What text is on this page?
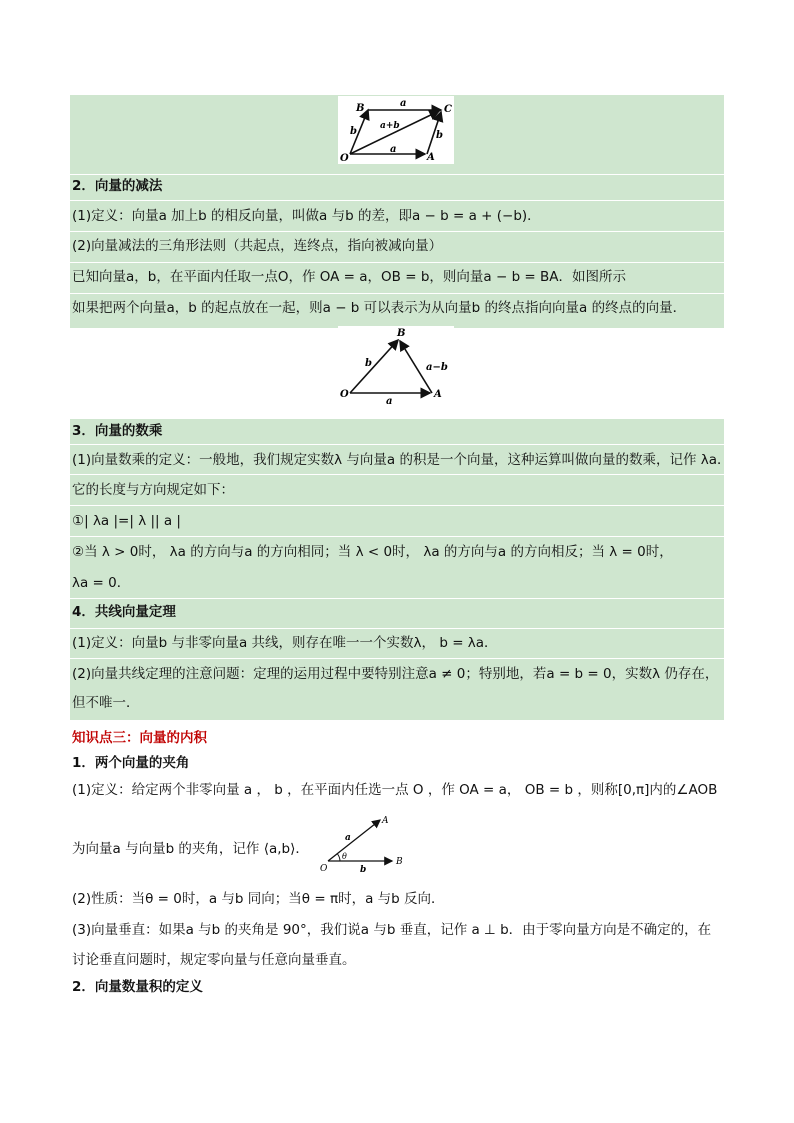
B	C
O	A
a
a
b	b
a+b
2．向量的减法
(1)定义：向量a 加上b 的相反向量，叫做a 与b 的差，即a − b = a + (−b)．
(2)向量减法的三角形法则（共起点，连终点，指向被减向量）
已知向量a，b，在平面内任取一点O，作 OA = a，OB = b，则向量a − b = BA．如图所示
如果把两个向量a，b 的起点放在一起，则a − b 可以表示为从向量b 的终点指向向量a 的终点的向量．
B
O	A
b	a−b
a
3．向量的数乘
(1)向量数乘的定义：一般地，我们规定实数λ 与向量a 的积是一个向量，这种运算叫做向量的数乘，记作 λa．
它的长度与方向规定如下：
①| λa |=| λ || a |
②当 λ > 0时， λa 的方向与a 的方向相同；当 λ < 0时， λa 的方向与a 的方向相反；当 λ = 0时，
λa = 0．
4．共线向量定理
(1)定义：向量b 与非零向量a 共线，则存在唯一一个实数λ， b = λa．
(2)向量共线定理的注意问题：定理的运用过程中要特别注意a ≠ 0；特别地，若a = b = 0，实数λ 仍存在，
但不唯一．
知识点三：向量的内积
1．两个向量的夹角
(1)定义：给定两个非零向量 a ， b ，在平面内任选一点 O ，作 OA = a， OB = b ，则称[0,π]内的∠AOB
为向量a 与向量b 的夹角，记作 ⟨a,b⟩．
O
A
B
a
b
θ
(2)性质：当θ = 0时，a 与b 同向；当θ = π时，a 与b 反向．
(3)向量垂直：如果a 与b 的夹角是 90°，我们说a 与b 垂直，记作 a ⊥ b．由于零向量方向是不确定的，在
讨论垂直问题时，规定零向量与任意向量垂直。
2．向量数量积的定义
